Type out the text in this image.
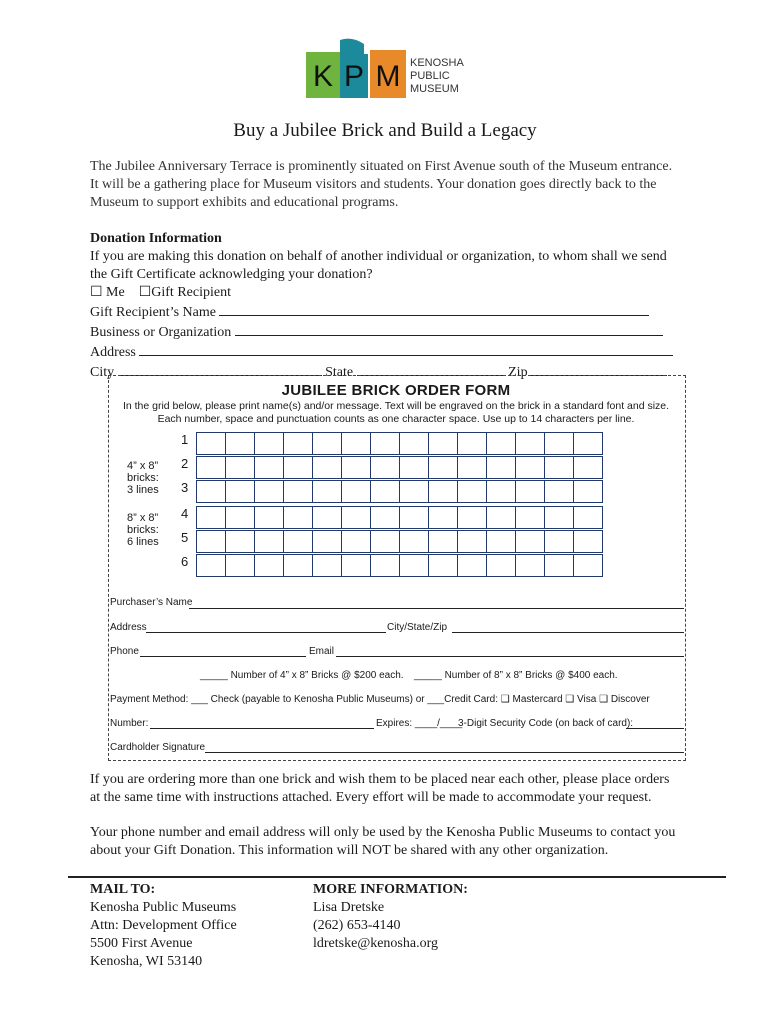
K P M KENOSHA
PUBLIC
MUSEUM
Buy a Jubilee Brick and Build a Legacy
The Jubilee Anniversary Terrace is prominently situated on First Avenue south of the Museum entrance.
It will be a gathering place for Museum visitors and students. Your donation goes directly back to the
Museum to support exhibits and educational programs.
Donation Information
If you are making this donation on behalf of another individual or organization, to whom shall we send
the Gift Certificate acknowledging your donation?
☐ Me ☐Gift Recipient
Gift Recipient’s Name
Business or Organization
Address
City	State	Zip
JUBILEE BRICK ORDER FORM
In the grid below, please print name(s) and/or message. Text will be engraved on the brick in a standard font and size.
Each number, space and punctuation counts as one character space. Use up to 14 characters per line.
1
2
3
4
5
6
4” x 8”
bricks:
3 lines
8” x 8”
bricks:
6 lines
Purchaser’s Name
Address	City/State/Zip
Phone	Email
_____ Number of 4” x 8” Bricks @ $200 each. _____ Number of 8” x 8” Bricks @ $400 each.
Payment Method: ___ Check (payable to Kenosha Public Museums) or ___Credit Card: ❑ Mastercard ❑ Visa ❑ Discover
Number:	Expires: ____/____
3-Digit Security Code (on back of card):
Cardholder Signature
If you are ordering more than one brick and wish them to be placed near each other, please place orders
at the same time with instructions attached. Every effort will be made to accommodate your request.
Your phone number and email address will only be used by the Kenosha Public Museums to contact you
about your Gift Donation. This information will NOT be shared with any other organization.
MAIL TO:
Kenosha Public Museums
Attn: Development Office
5500 First Avenue
Kenosha, WI 53140
MORE INFORMATION:
Lisa Dretske
(262) 653-4140
ldretske@kenosha.org
